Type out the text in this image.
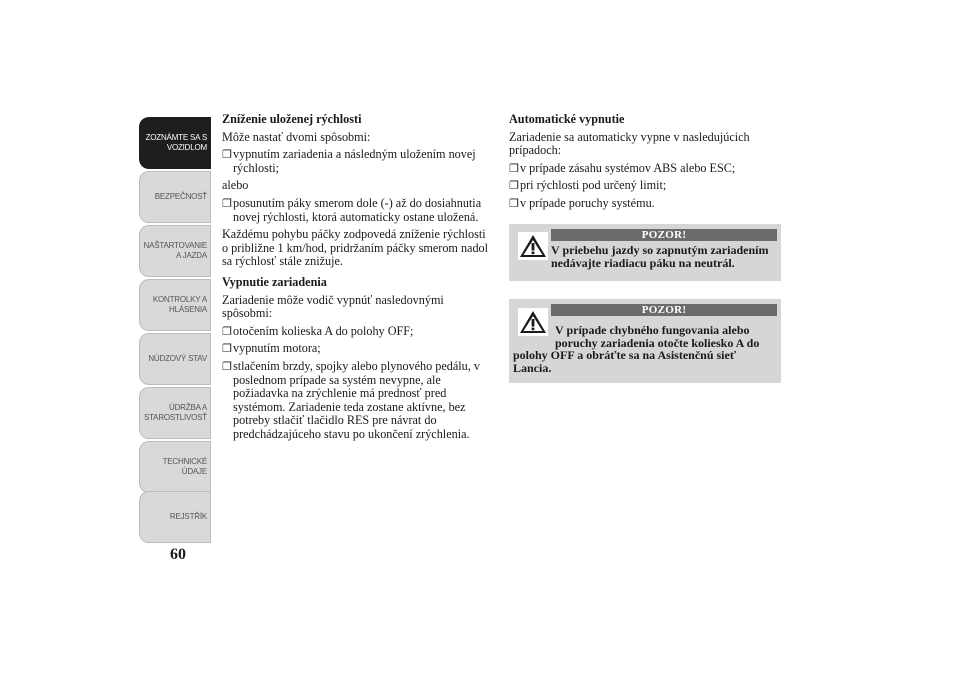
ZOZNÁMTE SA S
VOZIDLOM
BEZPEČNOSŤ
NAŠTARTOVANIE
A JAZDA
KONTROLKY A
HLÁSENIA
NÚDZOVÝ STAV
ÚDRŽBA A
STAROSTLIVOSŤ
TECHNICKÉ
ÚDAJE
REJSTŘÍK
60
Zníženie uloženej rýchlosti
Môže nastať dvomi spôsobmi:
❐ vypnutím zariadenia a následným uložením novej rýchlosti;
alebo
❐ posunutím páky smerom dole (-) až do dosiahnutia novej rýchlosti, ktorá automaticky ostane uložená.
Každému pohybu páčky zodpovedá zníženie rýchlosti o približne 1 km/hod, pridržaním páčky smerom nadol sa rýchlosť stále znižuje.
Vypnutie zariadenia
Zariadenie môže vodič vypnúť nasledovnými spôsobmi:
❐ otočením kolieska A do polohy OFF;
❐ vypnutím motora;
❐ stlačením brzdy, spojky alebo plynového pedálu, v poslednom prípade sa systém nevypne, ale požiadavka na zrýchlenie má prednosť pred systémom. Zariadenie teda zostane aktívne, bez potreby stlačiť tlačidlo RES pre návrat do predchádzajúceho stavu po ukončení zrýchlenia.
Automatické vypnutie
Zariadenie sa automaticky vypne v nasledujúcich prípadoch:
❐ v prípade zásahu systémov ABS alebo ESC;
❐ pri rýchlosti pod určený limit;
❐ v prípade poruchy systému.
POZOR!
V priebehu jazdy so zapnutým zariadením nedávajte riadiacu páku na neutrál.
POZOR!
V prípade chybného fungovania alebo
poruchy zariadenia otočte koliesko A do
polohy OFF a obráťte sa na Asistenčnú sieť Lancia.
